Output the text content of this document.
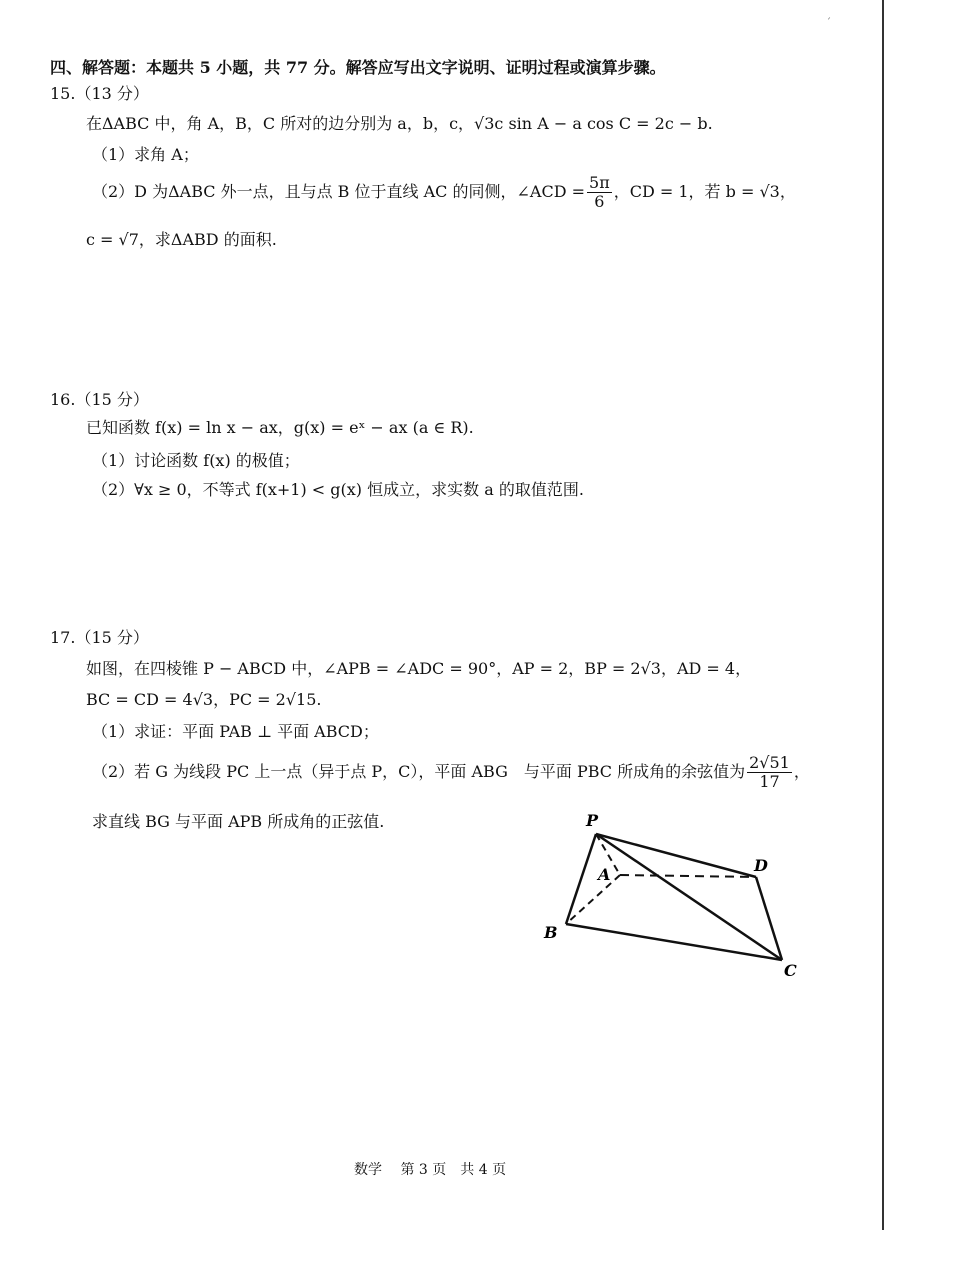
四、解答题：本题共 5 小题，共 77 分。解答应写出文字说明、证明过程或演算步骤。
15.（13 分）
在ΔABC 中，角 A，B，C 所对的边分别为 a，b，c，√3c sin A − a cos C = 2c − b.
（1）求角 A；
（2）D 为ΔABC 外一点，且与点 B 位于直线 AC 的同侧，∠ACD = $\frac{5\pi}{6}$ ，CD = 1，若 b = √3，
c = √7，求ΔABD 的面积.
16.（15 分）
已知函数 f(x) = ln x − ax，g(x) = eˣ − ax (a ∈ R).
（1）讨论函数 f(x) 的极值；
（2）∀x ≥ 0，不等式 f(x+1) < g(x) 恒成立，求实数 a 的取值范围.
17.（15 分）
如图，在四棱锥 P − ABCD 中，∠APB = ∠ADC = 90°，AP = 2，BP = 2√3，AD = 4，
BC = CD = 4√3，PC = 2√15.
（1）求证：平面 PAB ⊥ 平面 ABCD；
（2）若 G 为线段 PC 上一点（异于点 P，C），平面 ABG　与平面 PBC 所成角的余弦值为 $\frac{2√51}{17}$ ，
求直线 BG 与平面 APB 所成角的正弦值.	P
A
B
C
D
数学　 第 3 页　共 4 页
ˊ
